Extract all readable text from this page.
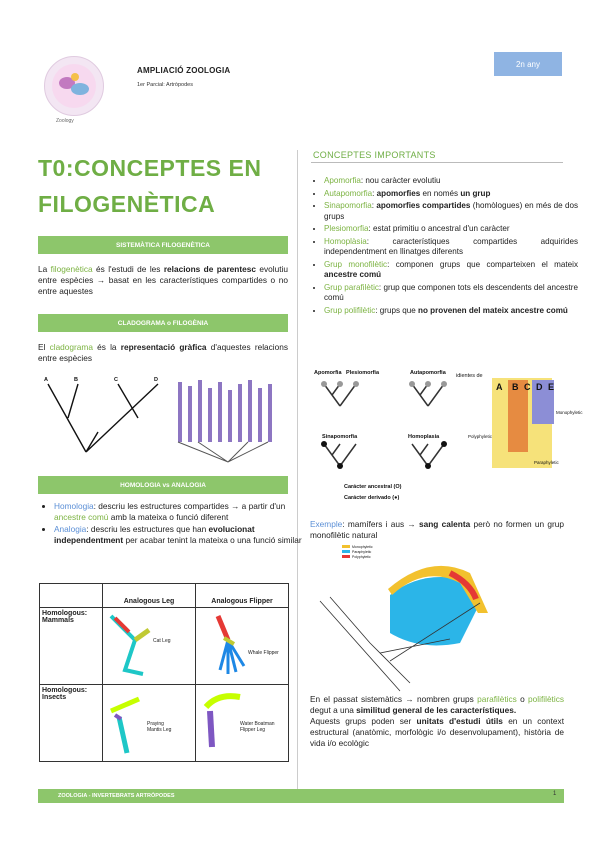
Zoology
AMPLIACIÓ ZOOLOGIA
1er Parcial: Artròpodes
2n any
T0:CONCEPTES EN
FILOGENÈTICA
SISTEMÀTICA FILOGENÈTICA
La filogenètica és l'estudi de les relacions de parentesc evolutiu entre espècies → basat en les característiques compartides o no entre aquestes
CLADOGRAMA o FILOGÈNIA
El cladograma és la representació gràfica d'aquestes relacions entre espècies
A	B	C	D
HOMOLOGIA vs ANALOGIA
• Homologia: descriu les estructures compartides → a partir d'un ancestre comú amb la mateixa o funció diferent
• Analogia: descriu les estructures que han evolucionat independentment per acabar tenint la mateixa o una funció similar
	Analogous Leg	Analogous Flipper
Homologous: Mammals	Cat Leg	Whale Flipper

Homologous: Insects	Praying Mantis Leg	Water Boatman Flipper Leg
CONCEPTES IMPORTANTS
• Apomorfia: nou caràcter evolutiu
• Autapomorfia: apomorfies en només un grup
• Sinapomorfia: apomorfies compartides (homòlogues) en més de dos grups
• Plesiomorfia: estat primitiu o ancestral d'un caràcter
• Homoplàsia: característiques compartides adquirides independentment en llinatges diferents
• Grup monofilètic: componen grups que comparteixen el mateix ancestre comú
• Grup parafilètic: grup que componen tots els descendents del ancestre comú
• Grup polifilètic: grups que no provenen del mateix ancestre comú
Apomorfia Plesiomorfia	Autapomorfia
Sinapomorfia	Homoplasia
Carácter ancestral (O)
Carácter derivado (●)
idientes de
A B C D E
Monophyletic
Polyphyletic
Paraphyletic
Exemple: mamífers i aus → sang calenta però no formen un grup monofilètic natural
Monophyletic
Paraphyletic
Polyphyletic
En el passat sistemàtics → nombren grups parafilètics o polifilètics degut a una similitud general de les característiques.
Aquests grups poden ser unitats d'estudi útils en un context estructural (anatòmic, morfològic i/o desenvolupament), història de vida i/o ecològic
ZOOLOGIA - INVERTEBRATS ARTRÒPODES	1
